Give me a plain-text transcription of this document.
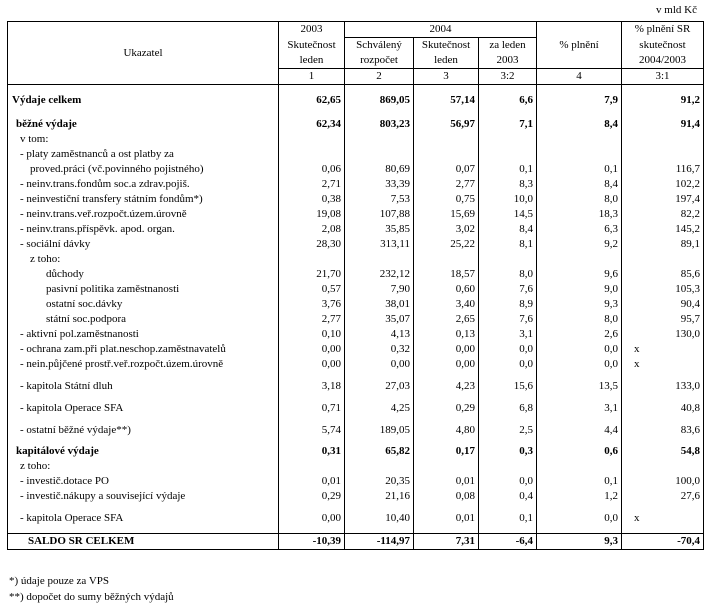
v mld Kč
Ukazatel	2003	2004			% plnění	% plnění SR	
	Skutečnost	Schválený	Skutečnost	za leden		skutečnost	
	leden	rozpočet	leden	2003		2004/2003	
	1	2	3	3:2	4	3:1	

Výdaje celkem	62,65	869,05	57,14	6,6	7,9	91,2	

běžné výdaje	62,34	803,23	56,97	7,1	8,4	91,4	
v tom:							
- platy zaměstnanců a ost platby za							
proved.práci (vč.povinného pojistného)	0,06	80,69	0,07	0,1	0,1	116,7	
- neinv.trans.fondům soc.a zdrav.pojiš.	2,71	33,39	2,77	8,3	8,4	102,2	
- neinvestiční transfery státním fondům*)	0,38	7,53	0,75	10,0	8,0	197,4	
- neinv.trans.veř.rozpočt.územ.úrovně	19,08	107,88	15,69	14,5	18,3	82,2	
- neinv.trans.příspěvk. apod. organ.	2,08	35,85	3,02	8,4	6,3	145,2	
- sociální dávky	28,30	313,11	25,22	8,1	9,2	89,1	
z toho:							
důchody	21,70	232,12	18,57	8,0	9,6	85,6	
pasivní politika zaměstnanosti	0,57	7,90	0,60	7,6	9,0	105,3	
ostatní soc.dávky	3,76	38,01	3,40	8,9	9,3	90,4	
státní soc.podpora	2,77	35,07	2,65	7,6	8,0	95,7	
- aktivní pol.zaměstnanosti	0,10	4,13	0,13	3,1	2,6	130,0	
- ochrana zam.při plat.neschop.zaměstnavatelů	0,00	0,32	0,00	0,0	0,0	x	
- nein.půjčené prostř.veř.rozpočt.územ.úrovně	0,00	0,00	0,00	0,0	0,0	x	

- kapitola Státní dluh	3,18	27,03	4,23	15,6	13,5	133,0	

- kapitola Operace SFA	0,71	4,25	0,29	6,8	3,1	40,8	

- ostatní běžné výdaje**)	5,74	189,05	4,80	2,5	4,4	83,6	

kapitálové výdaje	0,31	65,82	0,17	0,3	0,6	54,8	
z toho:							
- investič.dotace PO	0,01	20,35	0,01	0,0	0,1	100,0	
- investič.nákupy a související výdaje	0,29	21,16	0,08	0,4	1,2	27,6	

- kapitola Operace SFA	0,00	10,40	0,01	0,1	0,0	x	

SALDO SR CELKEM	-10,39	-114,97	7,31	-6,4	9,3	-70,4	
*) údaje pouze za VPS
**) dopočet do sumy běžných výdajů
